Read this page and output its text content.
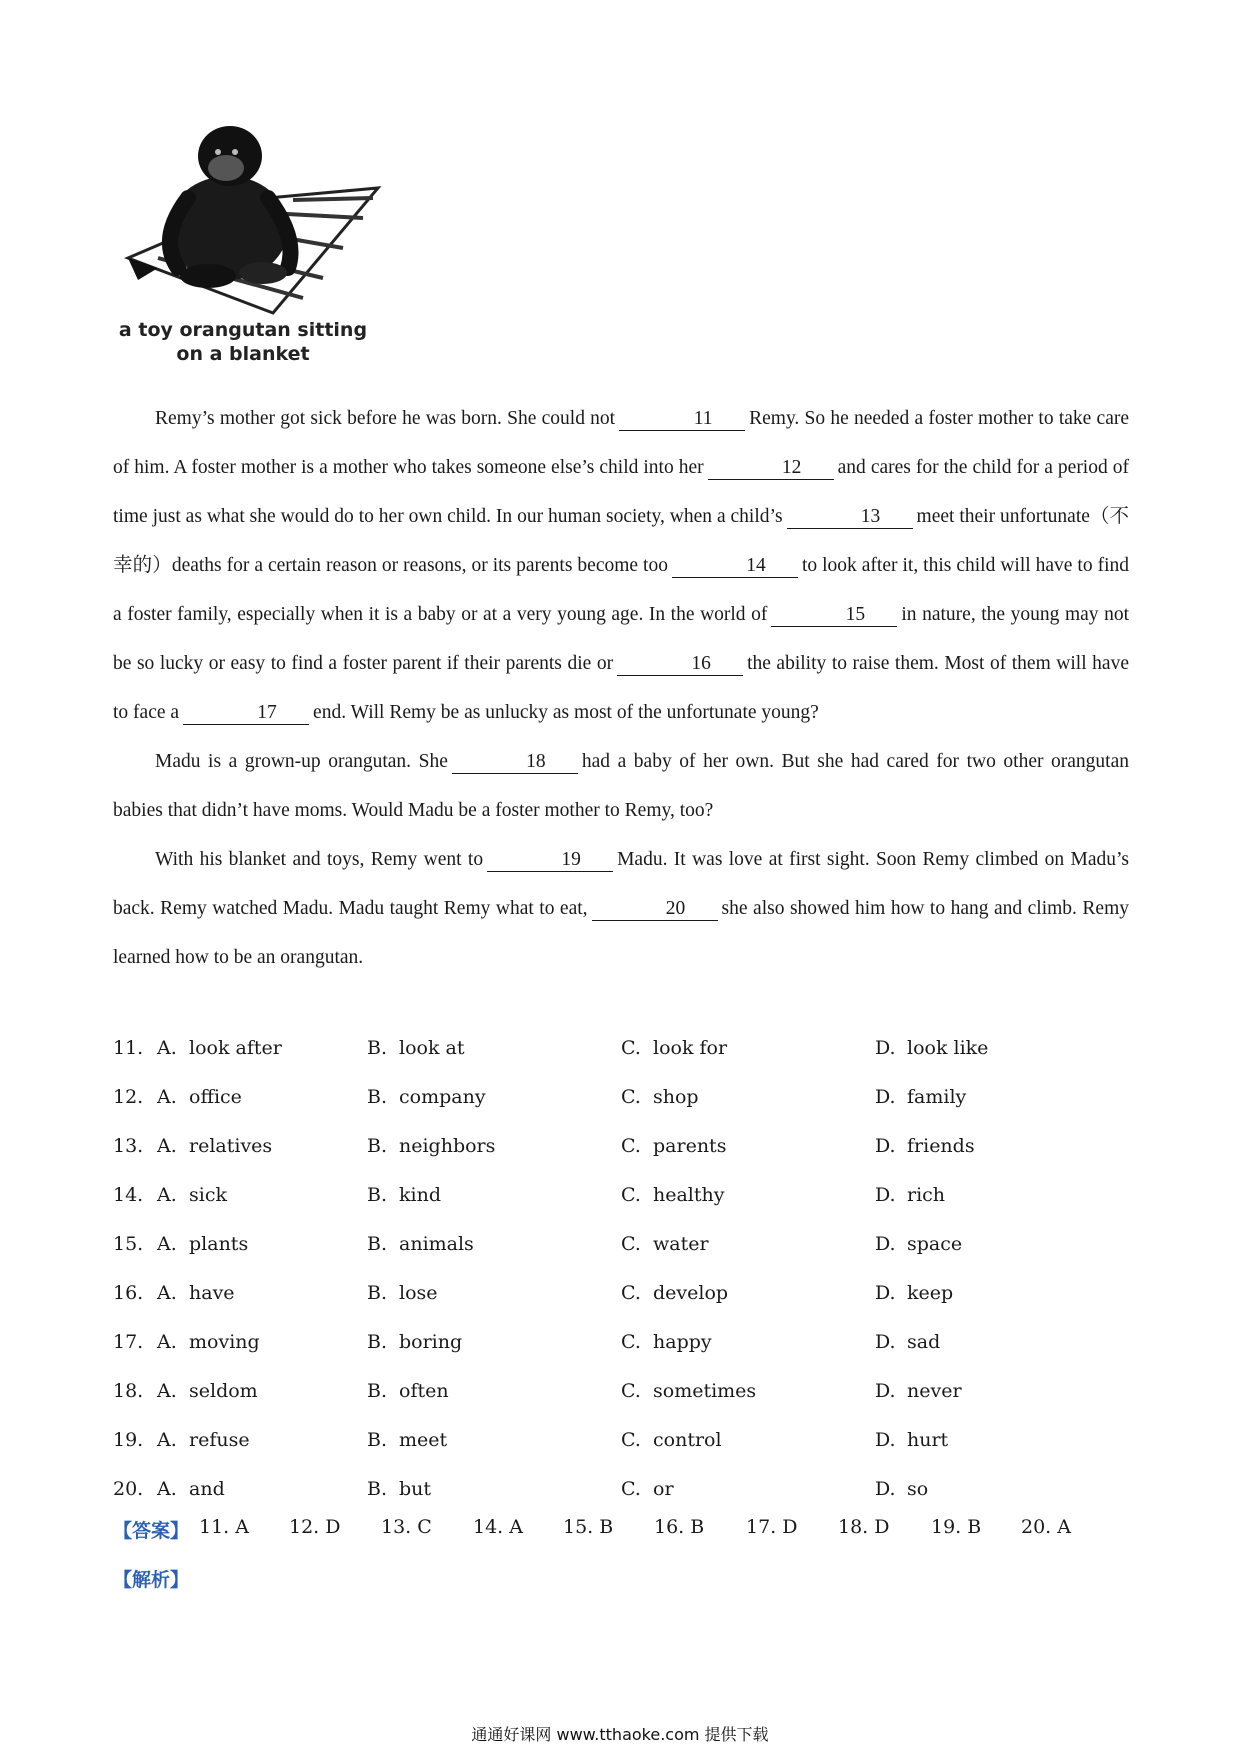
a toy orangutan sitting
on a blanket

Remy’s mother got sick before he was born. She could not	11 Remy. So he needed a foster mother to take care of him. A foster mother is a mother who takes someone else’s child into her	12 and cares for the child for a period of time just as what she would do to her own child. In our human society, when a child’s	13 meet their unfortunate（不幸的）deaths for a certain reason or reasons, or its parents become too	14 to look after it, this child will have to find a foster family, especially when it is a baby or at a very young age. In the world of	15 in nature, the young may not be so lucky or easy to find a foster parent if their parents die or	16 the ability to raise them. Most of them will have to face a	17 end. Will Remy be as unlucky as most of the unfortunate young?

Madu is a grown-up orangutan. She	18 had a baby of her own. But she had cared for two other orangutan babies that didn’t have moms. Would Madu be a foster mother to Remy, too?

With his blanket and toys, Remy went to	19 Madu. It was love at first sight. Soon Remy climbed on Madu’s back. Remy watched Madu. Madu taught Remy what to eat,	20 she also showed him how to hang and climb. Remy learned how to be an orangutan.

11. A. look after	B. look at	C. look for	D. look like
12. A. office	B. company	C. shop	D. family
13. A. relatives	B. neighbors	C. parents	D. friends
14. A. sick	B. kind	C. healthy	D. rich
15. A. plants	B. animals	C. water	D. space
16. A. have	B. lose	C. develop	D. keep
17. A. moving	B. boring	C. happy	D. sad
18. A. seldom	B. often	C. sometimes	D. never
19. A. refuse	B. meet	C. control	D. hurt
20. A. and	B. but	C. or	D. so
【答案】 11. A 12. D 13. C 14. A 15. B 16. B 17. D 18. D 19. B 20. A
【解析】
通通好课网 www.tthaoke.com 提供下载
